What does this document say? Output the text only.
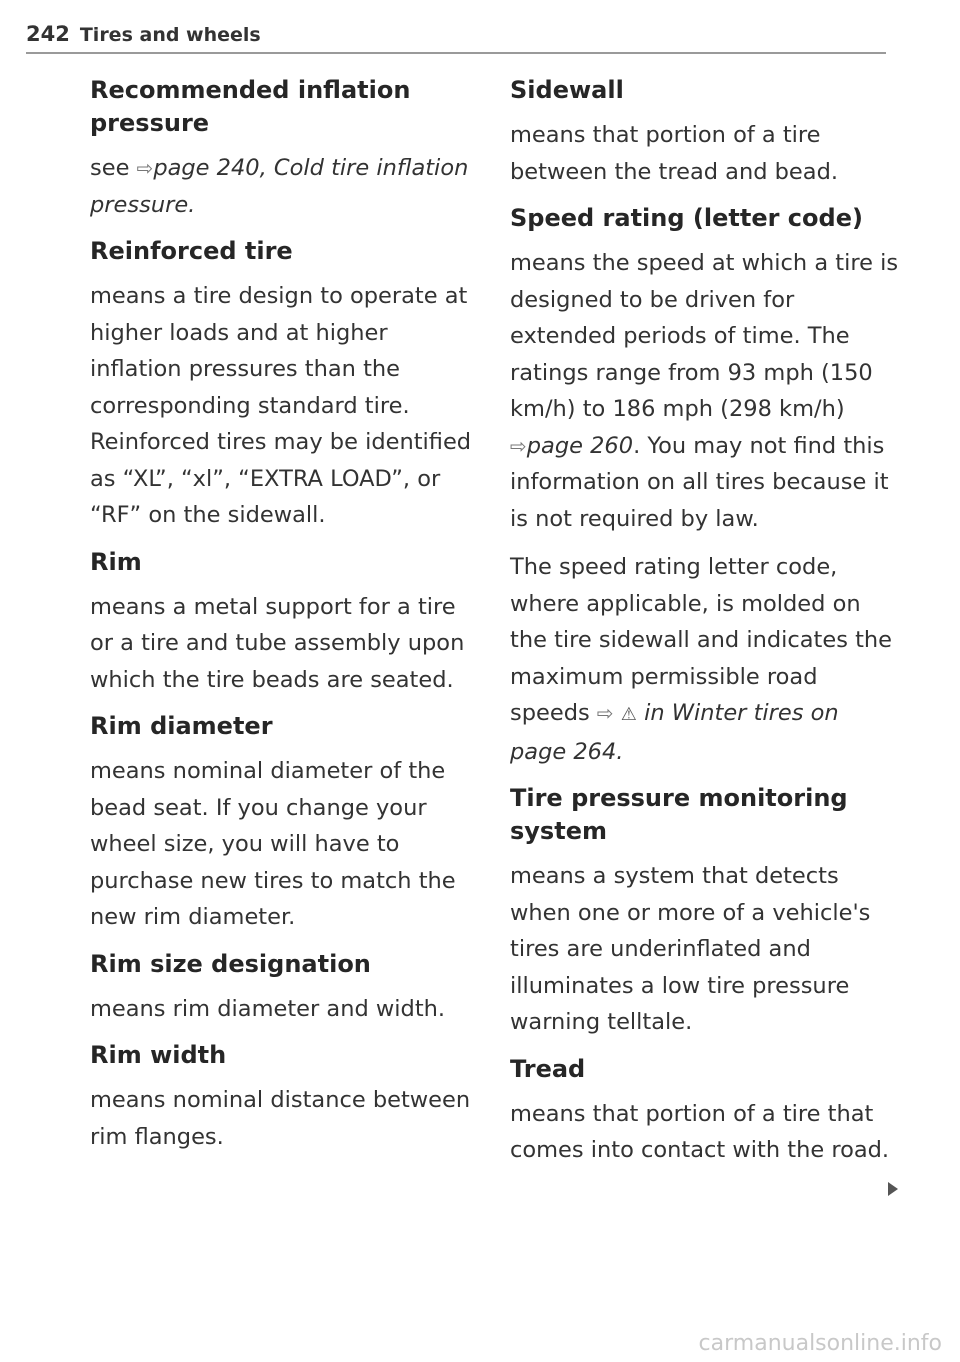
242 Tires and wheels
Recommended inflation pressure

see ⇨page 240, Cold tire inflation pressure.

Reinforced tire

means a tire design to operate at higher loads and at higher inflation pressures than the corresponding standard tire. Reinforced tires may be identified as “XL”, “xl”, “EXTRA LOAD”, or “RF” on the sidewall.

Rim

means a metal support for a tire or a tire and tube assembly upon which the tire beads are seated.

Rim diameter

means nominal diameter of the bead seat. If you change your wheel size, you will have to purchase new tires to match the new rim diameter.

Rim size designation

means rim diameter and width.

Rim width

means nominal distance between rim flanges.

Sidewall

means that portion of a tire between the tread and bead.

Speed rating (letter code)

means the speed at which a tire is designed to be driven for extended periods of time. The ratings range from 93 mph (150 km/h) to 186 mph (298 km/h) ⇨page 260. You may not find this information on all tires because it is not required by law.

The speed rating letter code, where applicable, is molded on the tire sidewall and indicates the maximum permissible road speeds ⇨ ⚠ in Winter tires on page 264.

Tire pressure monitoring system

means a system that detects when one or more of a vehicle's tires are underinflated and illuminates a low tire pressure warning telltale.

Tread

means that portion of a tire that comes into contact with the road.

carmanualsonline.info
